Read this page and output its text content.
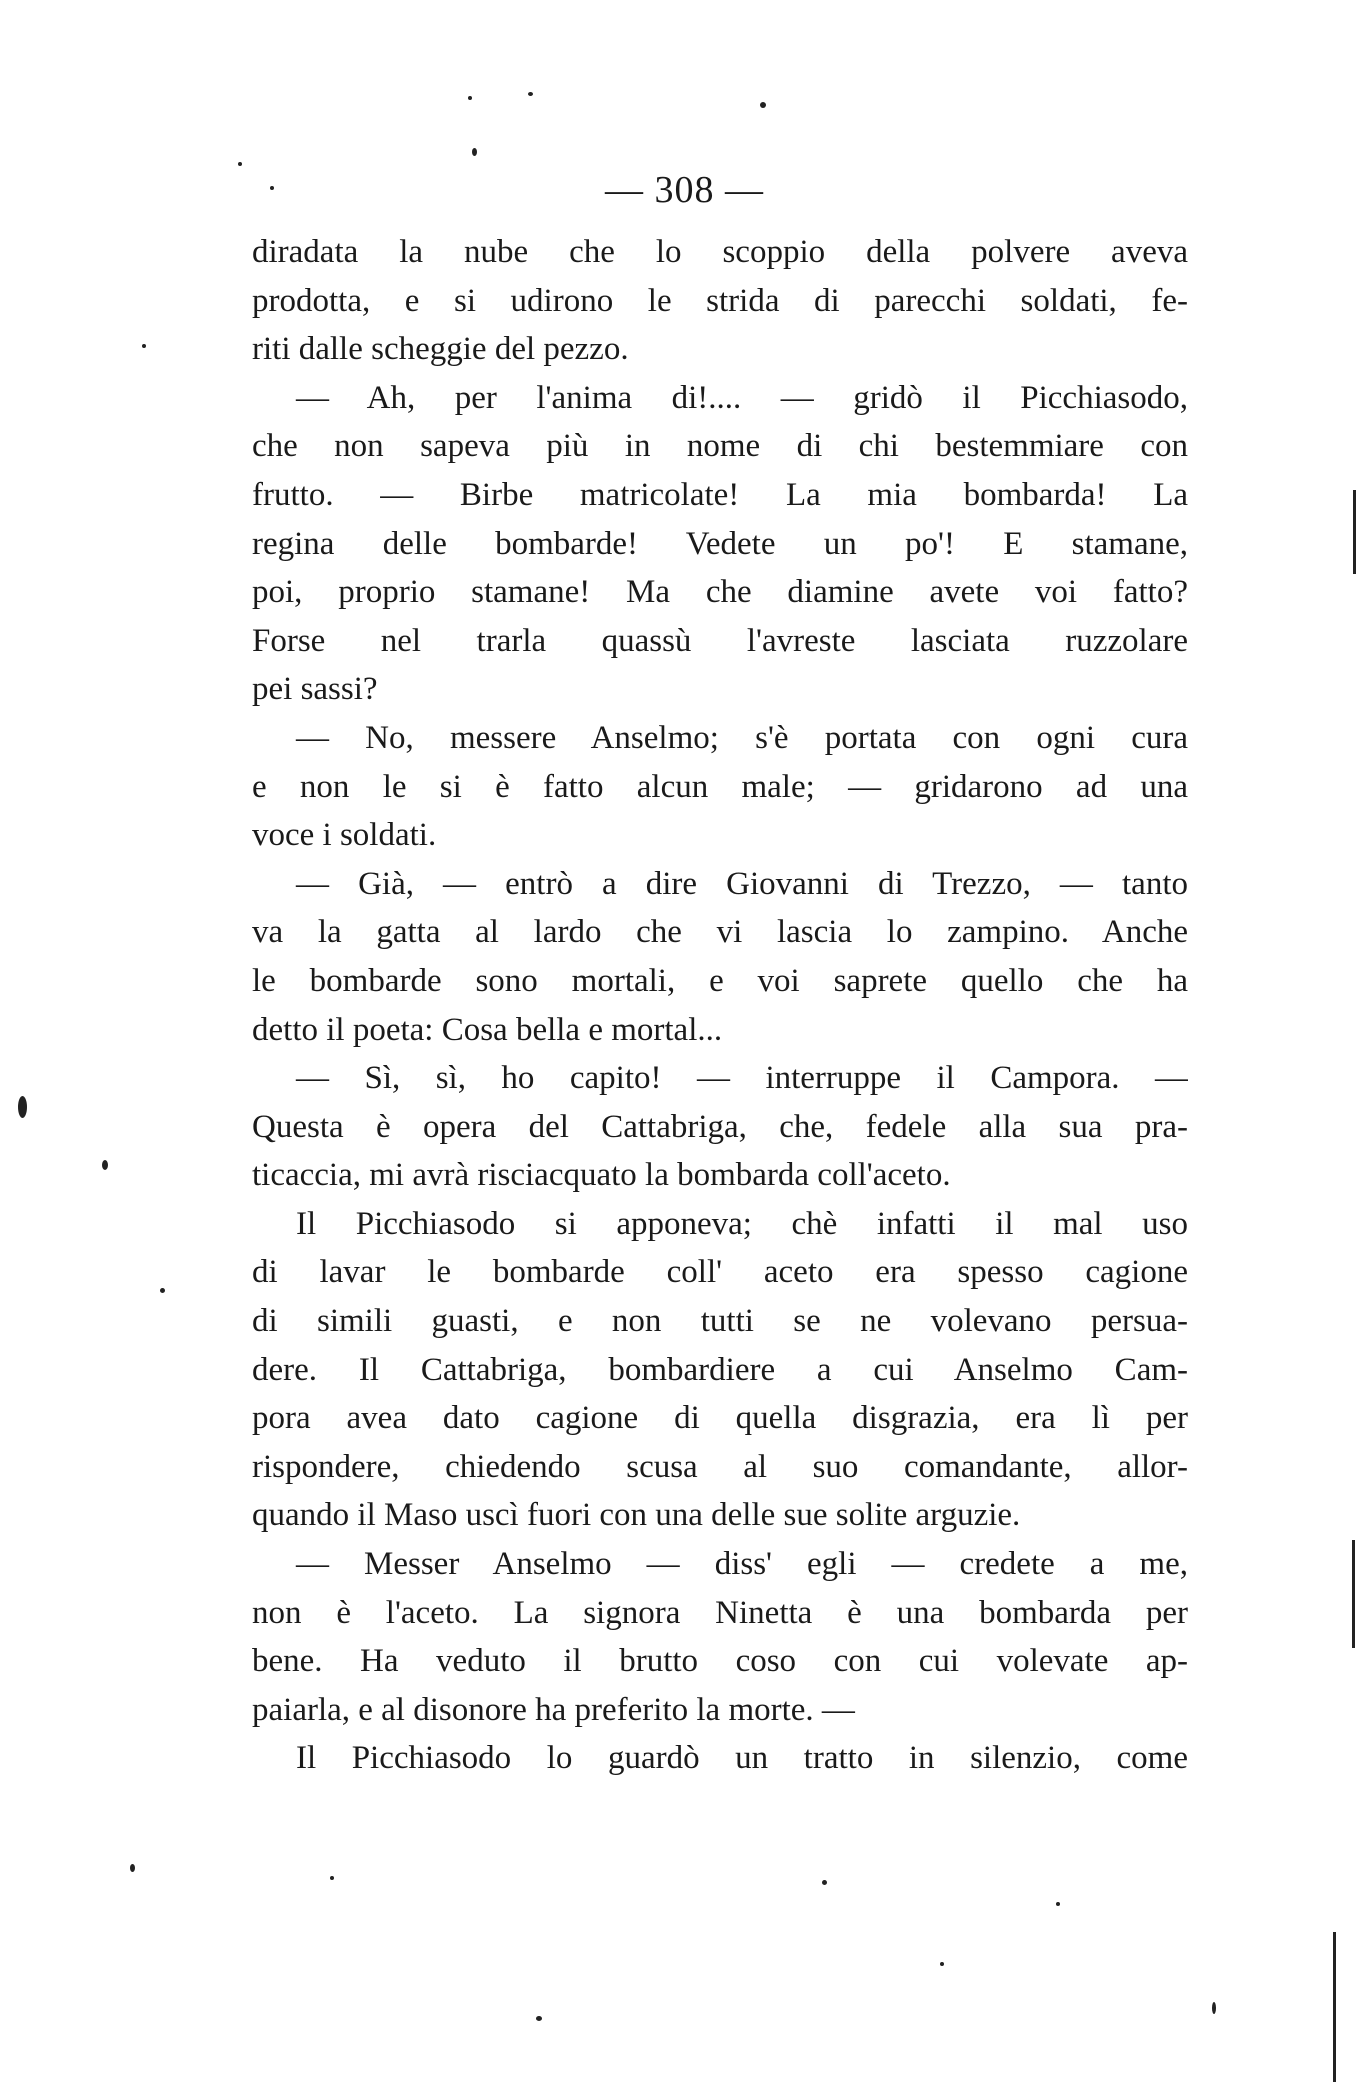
— 308 —
diradata la nube che lo scoppio della polvere aveva
prodotta, e si udirono le strida di parecchi soldati, fe-
riti dalle scheggie del pezzo.
— Ah, per l'anima di!.... — gridò il Picchiasodo,
che non sapeva più in nome di chi bestemmiare con
frutto. — Birbe matricolate! La mia bombarda! La
regina delle bombarde! Vedete un po'! E stamane,
poi, proprio stamane! Ma che diamine avete voi fatto?
Forse nel trarla quassù l'avreste lasciata ruzzolare
pei sassi?
— No, messere Anselmo; s'è portata con ogni cura
e non le si è fatto alcun male; — gridarono ad una
voce i soldati.
— Già, — entrò a dire Giovanni di Trezzo, — tanto
va la gatta al lardo che vi lascia lo zampino. Anche
le bombarde sono mortali, e voi saprete quello che ha
detto il poeta: Cosa bella e mortal...
— Sì, sì, ho capito! — interruppe il Campora. —
Questa è opera del Cattabriga, che, fedele alla sua pra-
ticaccia, mi avrà risciacquato la bombarda coll'aceto.
Il Picchiasodo si apponeva; chè infatti il mal uso
di lavar le bombarde coll' aceto era spesso cagione
di simili guasti, e non tutti se ne volevano persua-
dere. Il Cattabriga, bombardiere a cui Anselmo Cam-
pora avea dato cagione di quella disgrazia, era lì per
rispondere, chiedendo scusa al suo comandante, allor-
quando il Maso uscì fuori con una delle sue solite arguzie.
— Messer Anselmo — diss' egli — credete a me,
non è l'aceto. La signora Ninetta è una bombarda per
bene. Ha veduto il brutto coso con cui volevate ap-
paiarla, e al disonore ha preferito la morte. —
Il Picchiasodo lo guardò un tratto in silenzio, come
